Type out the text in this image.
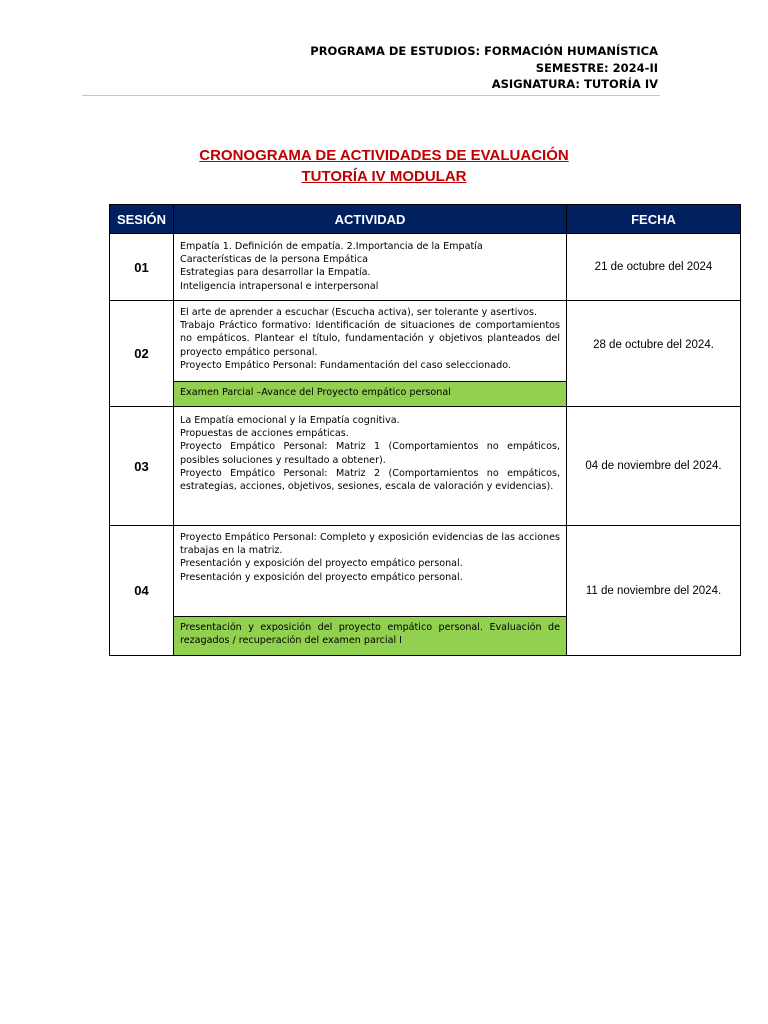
PROGRAMA DE ESTUDIOS: FORMACIÓN HUMANÍSTICA
SEMESTRE: 2024-II
ASIGNATURA: TUTORÍA IV
CRONOGRAMA DE ACTIVIDADES DE EVALUACIÓN
TUTORÍA IV MODULAR
SESIÓN	ACTIVIDAD	FECHA
01	Empatía 1. Definición de empatía. 2.Importancia de la Empatía
Características de la persona Empática
Estrategias para desarrollar la Empatía.
Inteligencia intrapersonal e interpersonal	21 de octubre del 2024
02	El arte de aprender a escuchar (Escucha activa), ser tolerante y asertivos.
Trabajo Práctico formativo: Identificación de situaciones de comportamientos no empáticos. Plantear el título, fundamentación y objetivos planteados del proyecto empático personal.
Proyecto Empático Personal: Fundamentación del caso seleccionado.
Examen Parcial –Avance del Proyecto empático personal	28 de octubre del 2024.
03	La Empatía emocional y la Empatía cognitiva.
Propuestas de acciones empáticas.
Proyecto Empático Personal: Matriz 1 (Comportamientos no empáticos, posibles soluciones y resultado a obtener).
Proyecto Empático Personal: Matriz 2 (Comportamientos no empáticos, estrategias, acciones, objetivos, sesiones, escala de valoración y evidencias).	04 de noviembre del 2024.
04	Proyecto Empático Personal: Completo y exposición evidencias de las acciones trabajas en la matriz.
Presentación y exposición del proyecto empático personal.
Presentación y exposición del proyecto empático personal.
Presentación y exposición del proyecto empático personal. Evaluación de rezagados / recuperación del examen parcial I	11 de noviembre del 2024.
